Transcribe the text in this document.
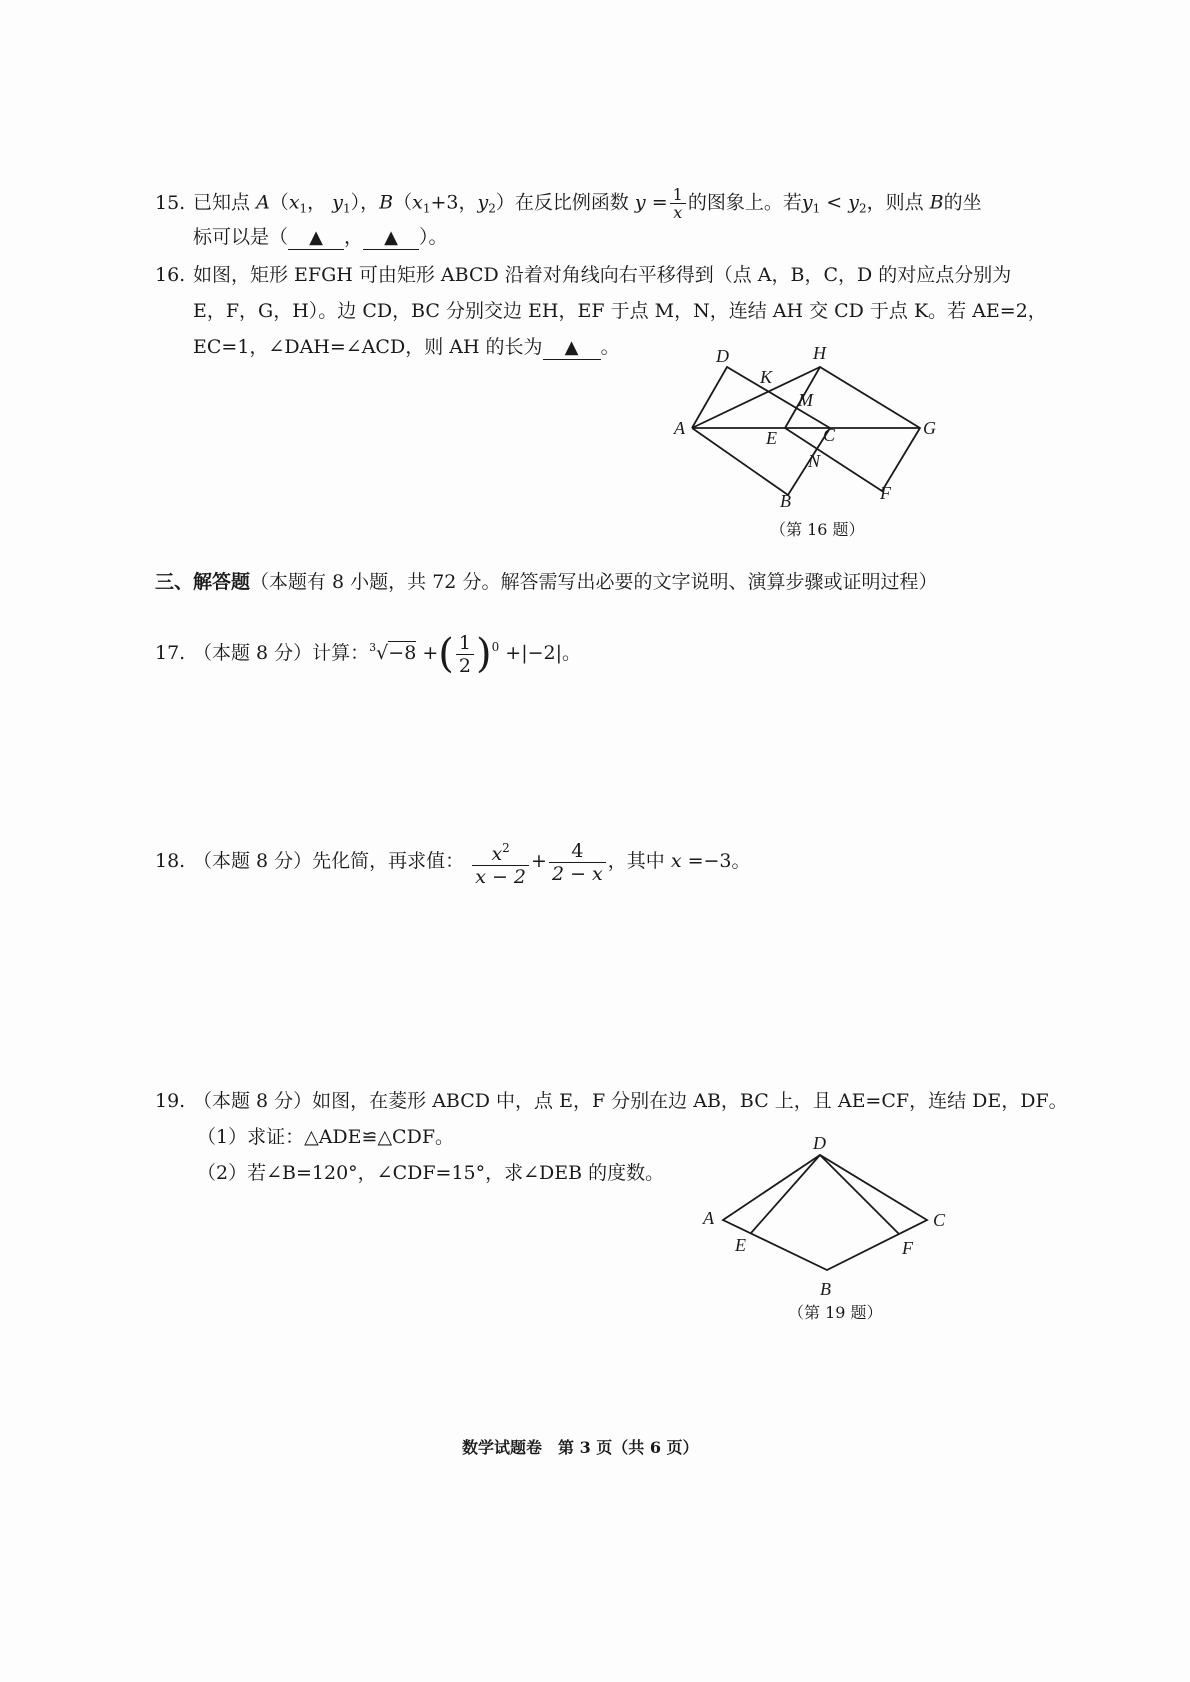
15. 已知点 $A(x_1$， $y_1$），$B(x_1+3$，$y_2$）在反比例函数 $y = \frac{1}{x}$ 的图象上。若$y_1 < y_2$，则点 B的坐
标可以是（ ▲ ， ▲ ）。
16. 如图，矩形 EFGH 可由矩形 ABCD 沿着对角线向右平移得到（点 A，B，C，D 的对应点分别为
E，F，G，H）。边 CD，BC 分别交边 EH，EF 于点 M，N，连结 AH 交 CD 于点 K。若 AE=2，
EC=1，∠DAH=∠ACD，则 AH 的长为 ▲ 。	D	H
K
M
A	E	C	G
N
B	F
（第 16 题）
三、解答题（本题有 8 小题，共 72 分。解答需写出必要的文字说明、演算步骤或证明过程）
17. （本题 8 分）计算：$^3$√−8 +( $\frac{1}{2} )^0 +|-2|$。
18. （本题 8 分）先化简，再求值： $\frac{x^2}{x - 2} + \frac{4}{2 - x}$ ，其中 x =−3。
19. （本题 8 分）如图，在菱形 ABCD 中，点 E，F 分别在边 AB，BC 上，且 AE=CF，连结 DE，DF。
（1）求证：△ADE≌△CDF。
（2）若∠B=120°，∠CDF=15°，求∠DEB 的度数。
D
A	C
E	F
B
（第 19 题）
数学试题卷　第 3 页（共 6 页）
